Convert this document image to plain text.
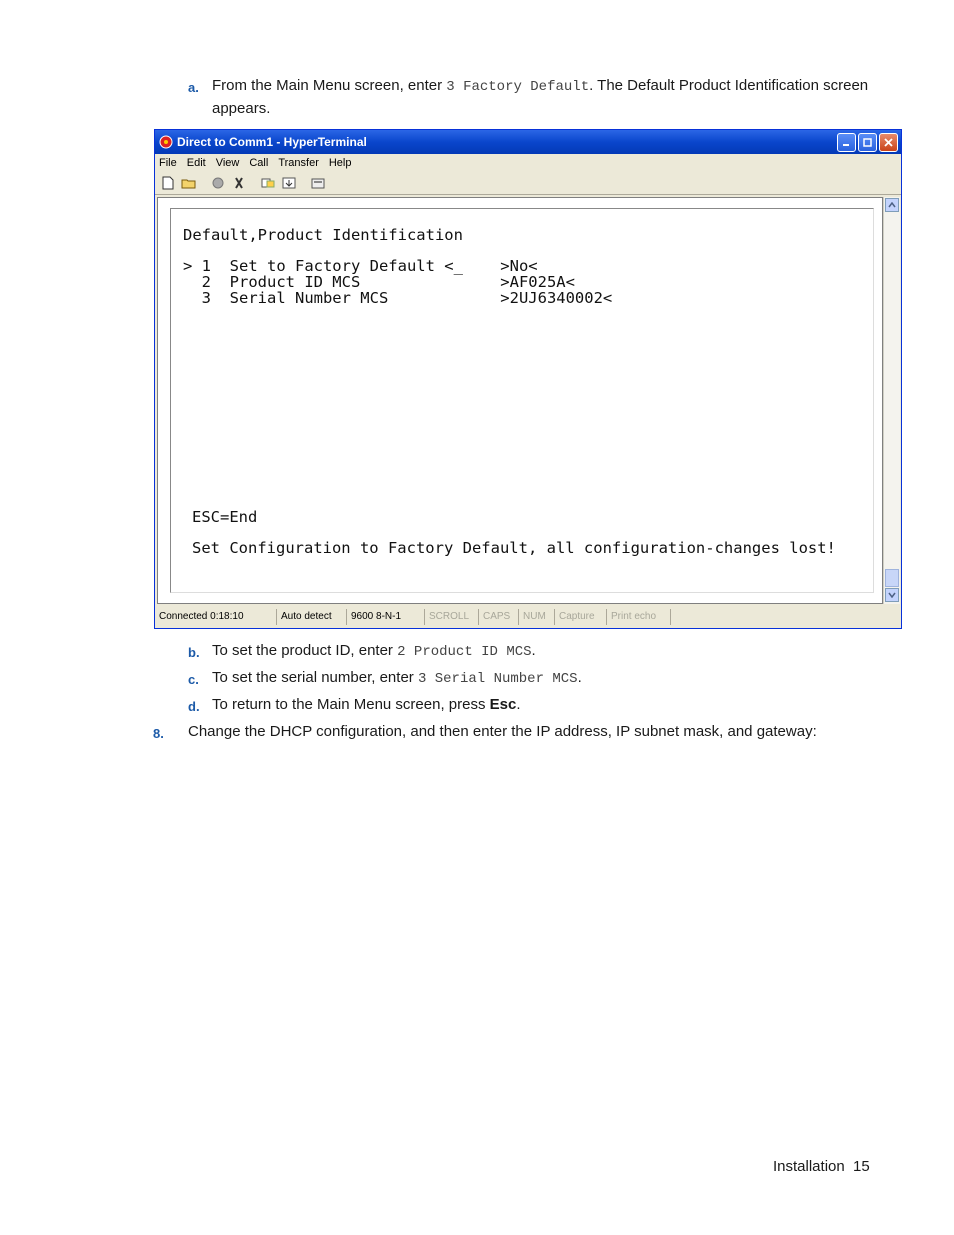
a. From the Main Menu screen, enter 3 Factory Default. The Default Product Identification screen
appears.
Direct to Comm1 - HyperTerminal
File Edit View Call Transfer Help
Default,Product Identification
> 1  Set to Factory Default <_    >No<
2  Product ID MCS               >AF025A<
3  Serial Number MCS            >2UJ6340002<
ESC=End
Set Configuration to Factory Default, all configuration-changes lost!
Connected 0:18:10	Auto detect	9600 8-N-1	SCROLL	CAPS	NUM	Capture	Print echo
b. To set the product ID, enter 2 Product ID MCS.
c. To set the serial number, enter 3 Serial Number MCS.
d. To return to the Main Menu screen, press Esc.
8. Change the DHCP configuration, and then enter the IP address, IP subnet mask, and gateway:
Installation 15
